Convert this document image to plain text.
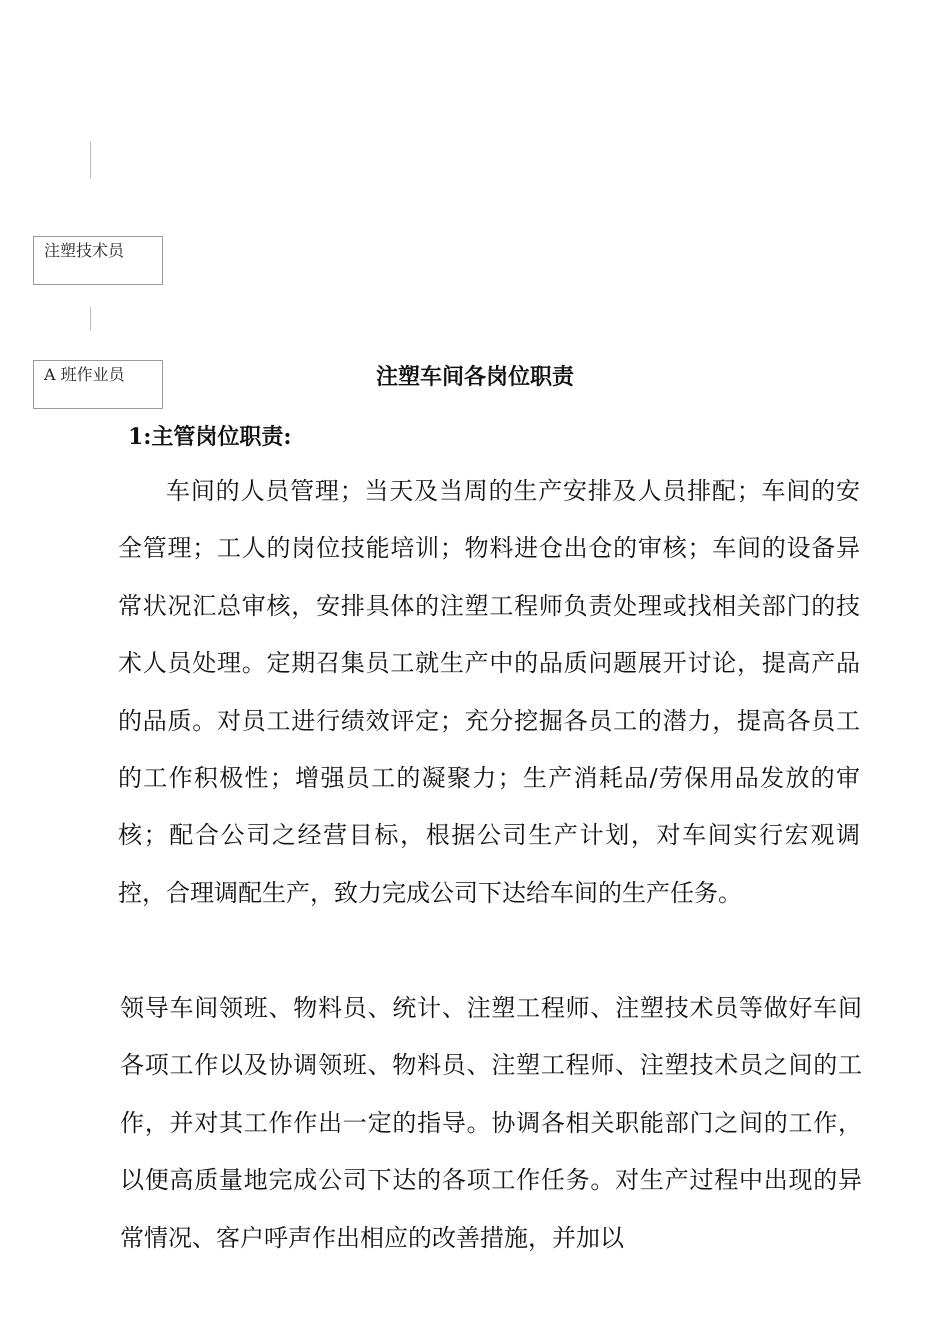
注塑技术员
A 班作业员	注塑车间各岗位职责
1:主管岗位职责:

车间的人员管理；当天及当周的生产安排及人员排配；车间的安全管理；工人的岗位技能培训；物料进仓出仓的审核；车间的设备异常状况汇总审核，安排具体的注塑工程师负责处理或找相关部门的技术人员处理。定期召集员工就生产中的品质问题展开讨论，提高产品的品质。对员工进行绩效评定；充分挖掘各员工的潜力，提高各员工的工作积极性；增强员工的凝聚力；生产消耗品/劳保用品发放的审核；配合公司之经营目标，根据公司生产计划，对车间实行宏观调控，合理调配生产，致力完成公司下达给车间的生产任务。

领导车间领班、物料员、统计、注塑工程师、注塑技术员等做好车间各项工作以及协调领班、物料员、注塑工程师、注塑技术员之间的工作，并对其工作作出一定的指导。协调各相关职能部门之间的工作，以便高质量地完成公司下达的各项工作任务。对生产过程中出现的异常情况、客户呼声作出相应的改善措施，并加以
